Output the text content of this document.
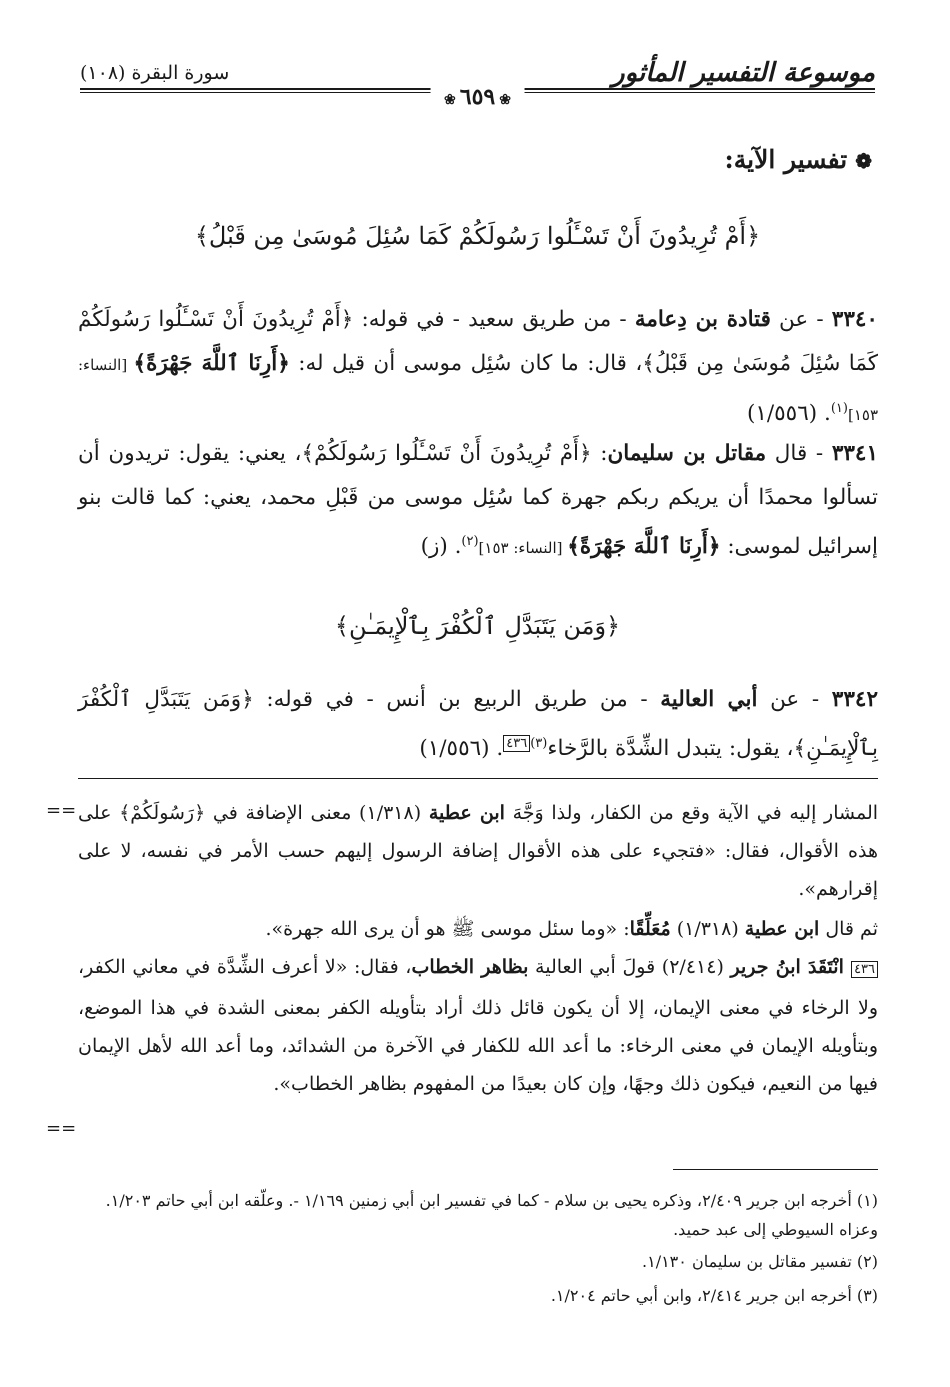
موسوعة التفسير المأثور
سورة البقرة (١٠٨)
❀ ٦٥٩ ❀
❁تفسير الآية:
﴿أَمْ تُرِيدُونَ أَنْ تَسْـَٔلُوا رَسُولَكُمْ كَمَا سُئِلَ مُوسَىٰ مِن قَبْلُ﴾
٣٣٤٠ - عن قتادة بن دِعامة - من طريق سعيد - في قوله: ﴿أَمْ تُرِيدُونَ أَنْ تَسْـَٔلُوا رَسُولَكُمْ كَمَا سُئِلَ مُوسَىٰ مِن قَبْلُ﴾، قال: ما كان سُئِل موسى أن قيل له: ﴿أَرِنَا ٱللَّهَ جَهْرَةً﴾ [النساء: ١٥٣]$^{(١)}$. (١/٥٥٦)
٣٣٤١ - قال مقاتل بن سليمان: ﴿أَمْ تُرِيدُونَ أَنْ تَسْـَٔلُوا رَسُولَكُمْ﴾، يعني: يقول: تريدون أن تسألوا محمدًا أن يريكم ربكم جهرة كما سُئِل موسى من قَبْلِ محمد، يعني: كما قالت بنو إسرائيل لموسى: ﴿أَرِنَا ٱللَّهَ جَهْرَةً﴾ [النساء: ١٥٣]$^{(٢)}$. (ز)
﴿وَمَن يَتَبَدَّلِ ٱلْكُفْرَ بِٱلْإِيمَـٰنِ﴾
٣٣٤٢ - عن أبي العالية - من طريق الربيع بن أنس - في قوله: ﴿وَمَن يَتَبَدَّلِ ٱلْكُفْرَ بِٱلْإِيمَـٰنِ﴾، يقول: يتبدل الشِّدَّة بالرَّخاء$^{(٣)٤٣٦}$. (١/٥٥٦)
==	المشار إليه في الآية وقع من الكفار، ولذا وَجَّهَ ابن عطية (١/٣١٨) معنى الإضافة في ﴿رَسُولَكُمْ﴾ على هذه الأقوال، فقال: «فتجيء على هذه الأقوال إضافة الرسول إليهم حسب الأمر في نفسه، لا على إقرارهم».
ثم قال ابن عطية (١/٣١٨) مُعَلِّقًا: «وما سئل موسى ﷺ هو أن يرى الله جهرة».
٤٣٦ انْتَقَدَ ابنُ جرير (٢/٤١٤) قولَ أبي العالية بظاهر الخطاب، فقال: «لا أعرف الشِّدَّة في معاني الكفر، ولا الرخاء في معنى الإيمان، إلا أن يكون قائل ذلك أراد بتأويله الكفر بمعنى الشدة في هذا الموضع، وبتأويله الإيمان في معنى الرخاء: ما أعد الله للكفار في الآخرة من الشدائد، وما أعد الله لأهل الإيمان فيها من النعيم، فيكون ذلك وجهًا، وإن كان بعيدًا من المفهوم بظاهر الخطاب».
==
(١) أخرجه ابن جرير ٢/٤٠٩، وذكره يحيى بن سلام - كما في تفسير ابن أبي زمنين ١/١٦٩ -. وعلّقه ابن أبي حاتم ١/٢٠٣. وعزاه السيوطي إلى عبد حميد.
(٢) تفسير مقاتل بن سليمان ١/١٣٠.
(٣) أخرجه ابن جرير ٢/٤١٤، وابن أبي حاتم ١/٢٠٤.
